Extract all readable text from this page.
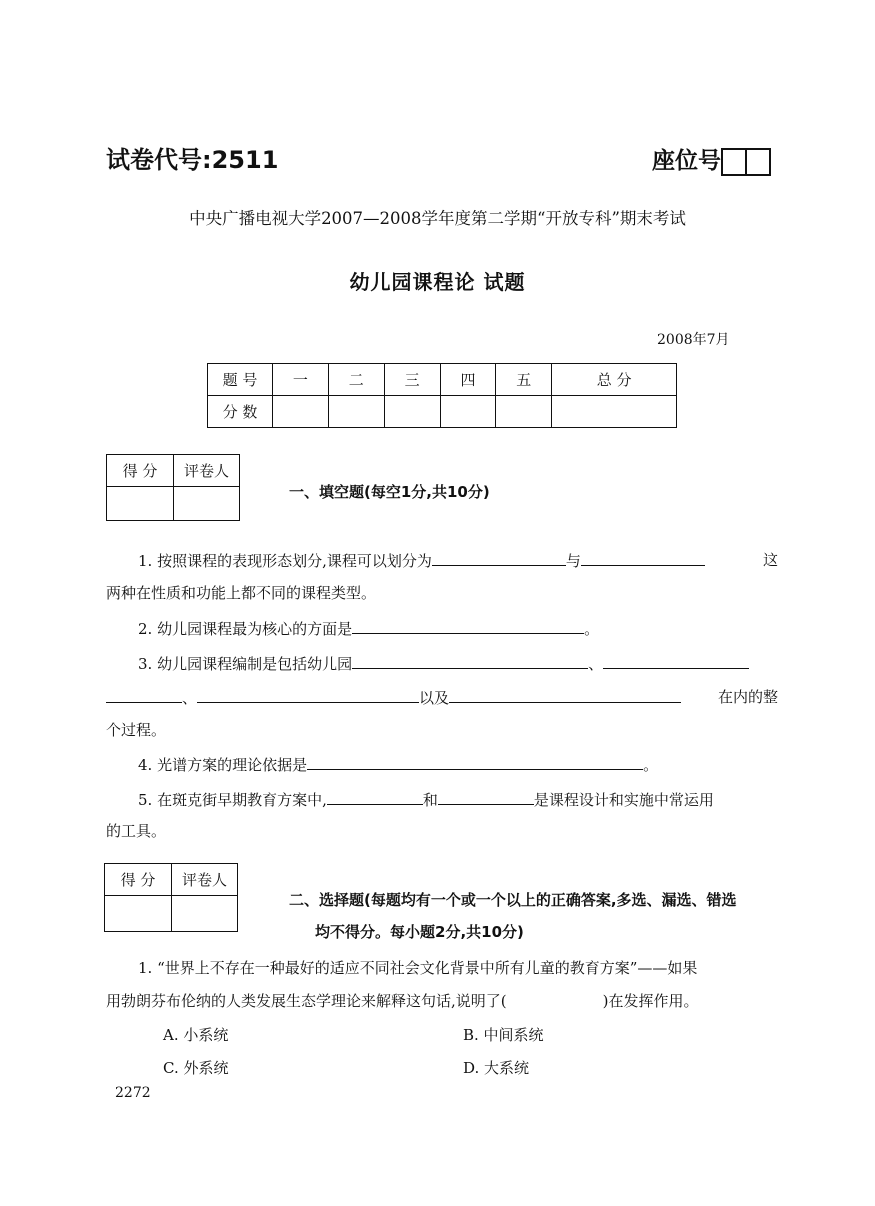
试卷代号:2511	座位号
中央广播电视大学2007—2008学年度第二学期“开放专科”期末考试
幼儿园课程论 试题
2008年7月
题 号	一	二	三	四	五	总 分
分 数						
得 分	评卷人

一、填空题(每空1分,共10分)
1. 按照课程的表现形态划分,课程可以划分为	与	这
两种在性质和功能上都不同的课程类型。
2. 幼儿园课程最为核心的方面是	。
3. 幼儿园课程编制是包括幼儿园	、
、	以及	在内的整
个过程。
4. 光谱方案的理论依据是	。
5. 在斑克街早期教育方案中,	和	是课程设计和实施中常运用
的工具。
得 分	评卷人

二、选择题(每题均有一个或一个以上的正确答案,多选、漏选、错选
均不得分。每小题2分,共10分)
1. “世界上不存在一种最好的适应不同社会文化背景中所有儿童的教育方案”——如果
用勃朗芬布伦纳的人类发展生态学理论来解释这句话,说明了(	)在发挥作用。
A. 小系统	B. 中间系统
C. 外系统	D. 大系统
2272
